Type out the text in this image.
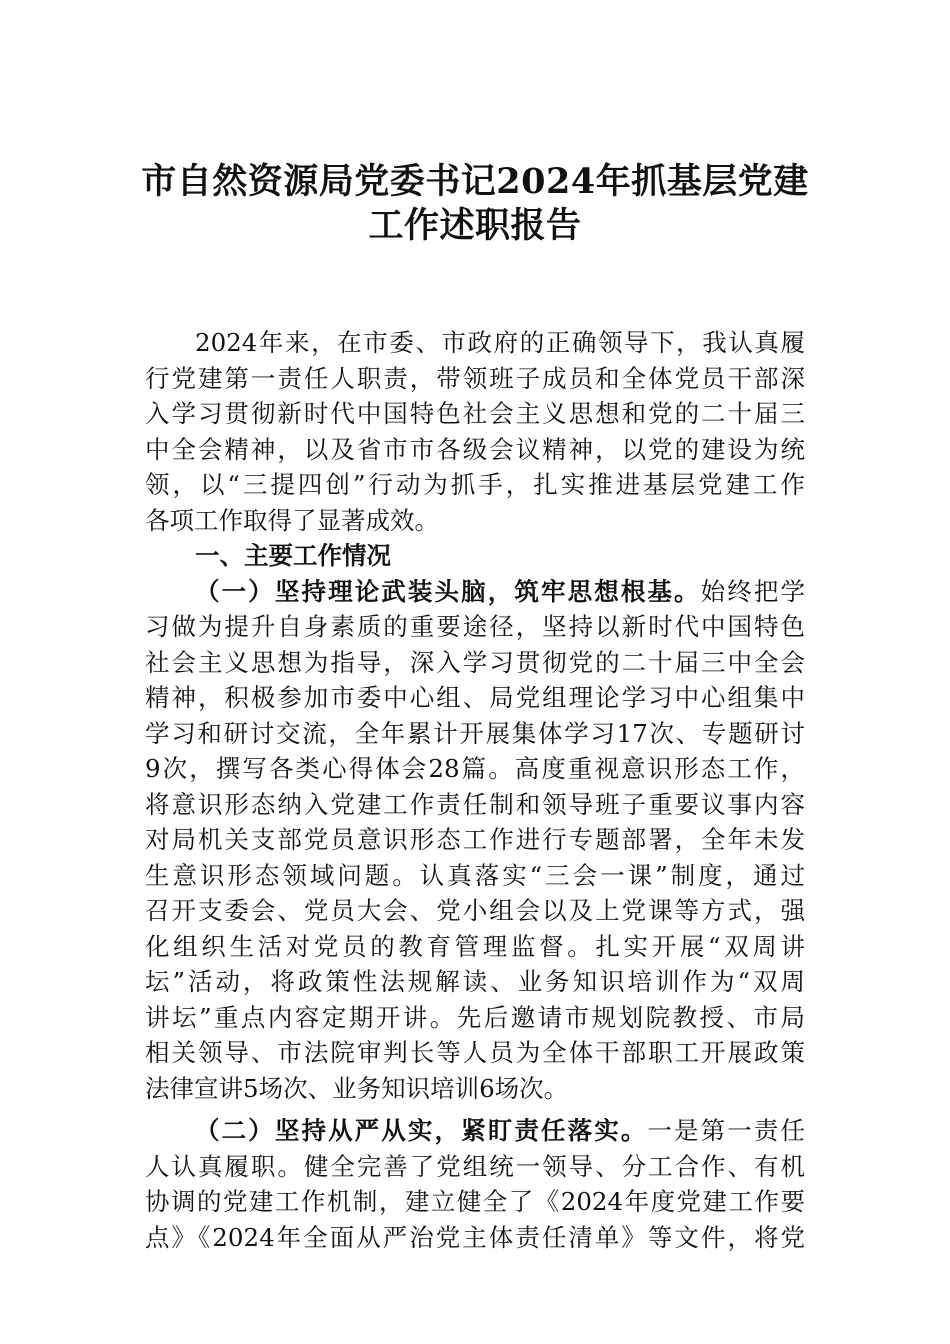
市自然资源局党委书记2024年抓基层党建
工作述职报告
2024年来，在市委、市政府的正确领导下，我认真履
行党建第一责任人职责，带领班子成员和全体党员干部深
入学习贯彻新时代中国特色社会主义思想和党的二十届三
中全会精神，以及省市市各级会议精神，以党的建设为统
领，以“三提四创”行动为抓手，扎实推进基层党建工作
各项工作取得了显著成效。
一、主要工作情况
（一）坚持理论武装头脑，筑牢思想根基。始终把学
习做为提升自身素质的重要途径，坚持以新时代中国特色
社会主义思想为指导，深入学习贯彻党的二十届三中全会
精神，积极参加市委中心组、局党组理论学习中心组集中
学习和研讨交流，全年累计开展集体学习17次、专题研讨
9次，撰写各类心得体会28篇。高度重视意识形态工作，
将意识形态纳入党建工作责任制和领导班子重要议事内容
对局机关支部党员意识形态工作进行专题部署，全年未发
生意识形态领域问题。认真落实“三会一课”制度，通过
召开支委会、党员大会、党小组会以及上党课等方式，强
化组织生活对党员的教育管理监督。扎实开展“双周讲
坛”活动，将政策性法规解读、业务知识培训作为“双周
讲坛”重点内容定期开讲。先后邀请市规划院教授、市局
相关领导、市法院审判长等人员为全体干部职工开展政策
法律宣讲5场次、业务知识培训6场次。
（二）坚持从严从实，紧盯责任落实。一是第一责任
人认真履职。健全完善了党组统一领导、分工合作、有机
协调的党建工作机制，建立健全了《2024年度党建工作要
点》《2024年全面从严治党主体责任清单》等文件，将党
